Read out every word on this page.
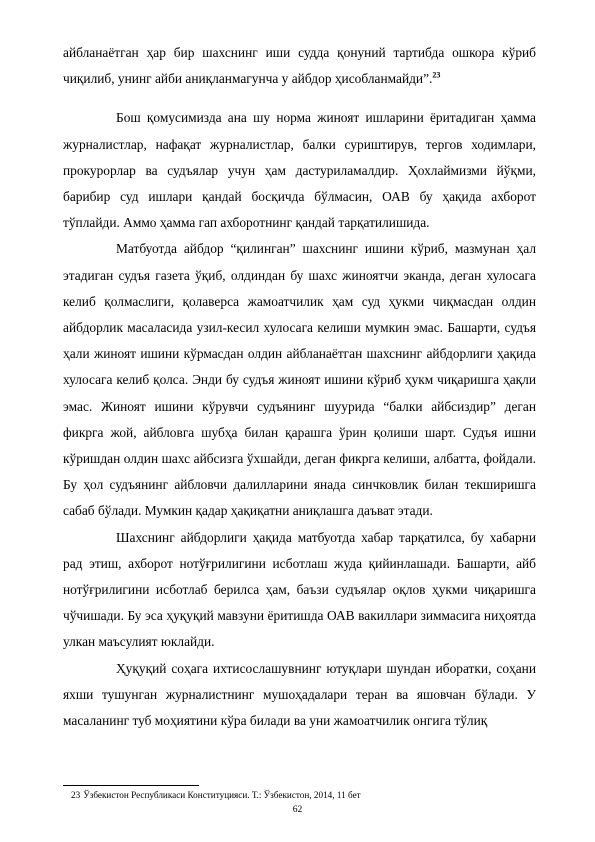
айбланаётган ҳар бир шахснинг иши судда қонуний тартибда ошкора кўриб чиқилиб, унинг айби аниқланмагунча у айбдор ҳисобланмайди”.$^{23}$

Бош қомусимизда ана шу норма жиноят ишларини ёритадиган ҳамма журналистлар, нафақат журналистлар, балки суриштирув, тергов ходимлари, прокурорлар ва судъялар учун ҳам дастуриламалдир. Ҳохлаймизми йўқми, барибир суд ишлари қандай босқичда бўлмасин, ОАВ бу ҳақида ахборот тўплайди. Аммо ҳамма гап ахборотнинг қандай тарқатилишида.

Матбуотда айбдор “қилинган” шахснинг ишини кўриб, мазмунан ҳал этадиган судъя газета ўқиб, олдиндан бу шахс жиноятчи эканда, деган хулосага келиб қолмаслиги, қолаверса жамоатчилик ҳам суд ҳукми чиқмасдан олдин айбдорлик масаласида узил-кесил хулосага келиши мумкин эмас. Башарти, судъя ҳали жиноят ишини кўрмасдан олдин айбланаётган шахснинг айбдорлиги ҳақида хулосага келиб қолса. Энди бу судъя жиноят ишини кўриб ҳукм чиқаришга ҳақли эмас. Жиноят ишини кўрувчи судъянинг шуурида “балки айбсиздир” деган фикрга жой, айбловга шубҳа билан қарашга ўрин қолиши шарт. Судъя ишни кўришдан олдин шахс айбсизга ўхшайди, деган фикрга келиши, албатта, фойдали. Бу ҳол судъянинг айбловчи далилларини янада синчковлик билан текширишга сабаб бўлади. Мумкин қадар ҳақиқатни аниқлашга даъват этади.

Шахснинг айбдорлиги ҳақида матбуотда хабар тарқатилса, бу хабарни рад этиш, ахборот нотўғрилигини исботлаш жуда қийинлашади. Башарти, айб нотўғрилигини исботлаб берилса ҳам, баъзи судъялар оқлов ҳукми чиқаришга чўчишади. Бу эса ҳуқуқий мавзуни ёритишда ОАВ вакиллари зиммасига ниҳоятда улкан маъсулият юклайди.

Ҳуқуқий соҳага ихтисослашувнинг ютуқлари шундан иборатки, соҳани яхши тушунган журналистнинг мушоҳадалари теран ва яшовчан бўлади. У масаланинг туб моҳиятини кўра билади ва уни жамоатчилик онгига тўлиқ

23 Ўзбекистон Республикаси Конституцияси. Т.: Ўзбекистон, 2014, 11 бет
62
